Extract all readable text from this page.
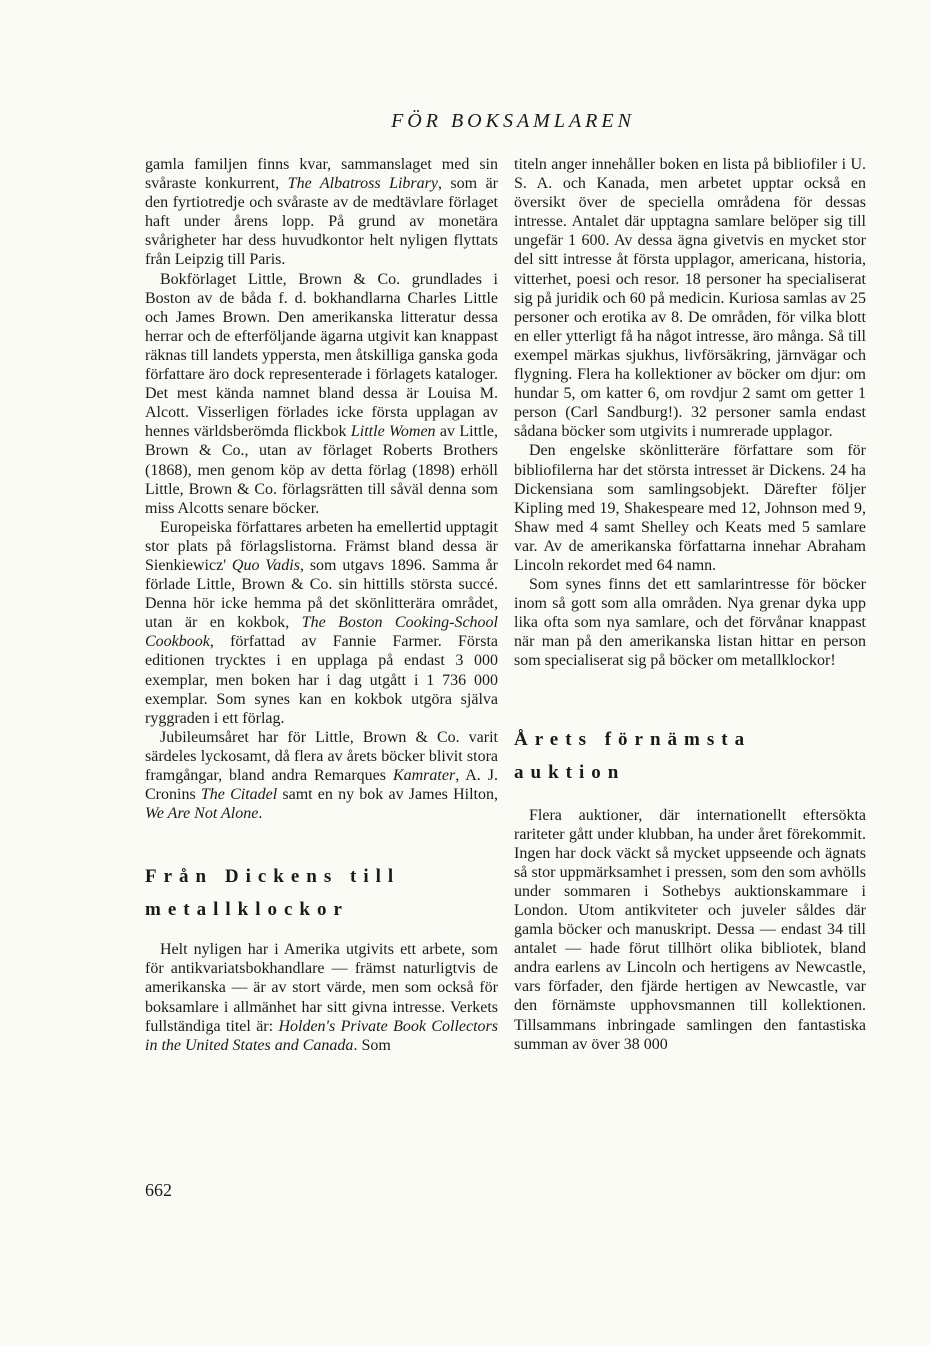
FÖR BOKSAMLAREN

gamla familjen finns kvar, sammanslaget med sin svåraste konkurrent, The Albatross Library, som är den fyrtiotredje och svåraste av de medtävlare förlaget haft under årens lopp. På grund av monetära svårigheter har dess huvudkontor helt nyligen flyttats från Leipzig till Paris.

Bokförlaget Little, Brown & Co. grundlades i Boston av de båda f. d. bokhandlarna Charles Little och James Brown. Den amerikanska litteratur dessa herrar och de efterföljande ägarna utgivit kan knappast räknas till landets yppersta, men åtskilliga ganska goda författare äro dock representerade i förlagets kataloger. Det mest kända namnet bland dessa är Louisa M. Alcott. Visserligen förlades icke första upplagan av hennes världsberömda flickbok Little Women av Little, Brown & Co., utan av förlaget Roberts Brothers (1868), men genom köp av detta förlag (1898) erhöll Little, Brown & Co. förlagsrätten till såväl denna som miss Alcotts senare böcker.

Europeiska författares arbeten ha emellertid upptagit stor plats på förlagslistorna. Främst bland dessa är Sienkiewicz' Quo Vadis, som utgavs 1896. Samma år förlade Little, Brown & Co. sin hittills största succé. Denna hör icke hemma på det skönlitterära området, utan är en kokbok, The Boston Cooking-School Cookbook, författad av Fannie Farmer. Första editionen trycktes i en upplaga på endast 3 000 exemplar, men boken har i dag utgått i 1 736 000 exemplar. Som synes kan en kokbok utgöra själva ryggraden i ett förlag.

Jubileumsåret har för Little, Brown & Co. varit särdeles lyckosamt, då flera av årets böcker blivit stora framgångar, bland andra Remarques Kamrater, A. J. Cronins The Citadel samt en ny bok av James Hilton, We Are Not Alone.

Från Dickens till metallklockor

Helt nyligen har i Amerika utgivits ett arbete, som för antikvariatsbokhandlare — främst naturligtvis de amerikanska — är av stort värde, men som också för boksamlare i allmänhet har sitt givna intresse. Verkets fullständiga titel är: Holden's Private Book Collectors in the United States and Canada. Som

titeln anger innehåller boken en lista på bibliofiler i U. S. A. och Kanada, men arbetet upptar också en översikt över de speciella områdena för dessas intresse. Antalet där upptagna samlare belöper sig till ungefär 1 600. Av dessa ägna givetvis en mycket stor del sitt intresse åt första upplagor, americana, historia, vitterhet, poesi och resor. 18 personer ha specialiserat sig på juridik och 60 på medicin. Kuriosa samlas av 25 personer och erotika av 8. De områden, för vilka blott en eller ytterligt få ha något intresse, äro många. Så till exempel märkas sjukhus, livförsäkring, järnvägar och flygning. Flera ha kollektioner av böcker om djur: om hundar 5, om katter 6, om rovdjur 2 samt om getter 1 person (Carl Sandburg!). 32 personer samla endast sådana böcker som utgivits i numrerade upplagor.

Den engelske skönlitteräre författare som för bibliofilerna har det största intresset är Dickens. 24 ha Dickensiana som samlingsobjekt. Därefter följer Kipling med 19, Shakespeare med 12, Johnson med 9, Shaw med 4 samt Shelley och Keats med 5 samlare var. Av de amerikanska författarna innehar Abraham Lincoln rekordet med 64 namn.

Som synes finns det ett samlarintresse för böcker inom så gott som alla områden. Nya grenar dyka upp lika ofta som nya samlare, och det förvånar knappast när man på den amerikanska listan hittar en person som specialiserat sig på böcker om metallklockor!

Årets förnämsta auktion

Flera auktioner, där internationellt eftersökta rariteter gått under klubban, ha under året förekommit. Ingen har dock väckt så mycket uppseende och ägnats så stor uppmärksamhet i pressen, som den som avhölls under sommaren i Sothebys auktionskammare i London. Utom antikviteter och juveler såldes där gamla böcker och manuskript. Dessa — endast 34 till antalet — hade förut tillhört olika bibliotek, bland andra earlens av Lincoln och hertigens av Newcastle, vars förfader, den fjärde hertigen av Newcastle, var den förnämste upphovsmannen till kollektionen. Tillsammans inbringade samlingen den fantastiska summan av över 38 000

662
